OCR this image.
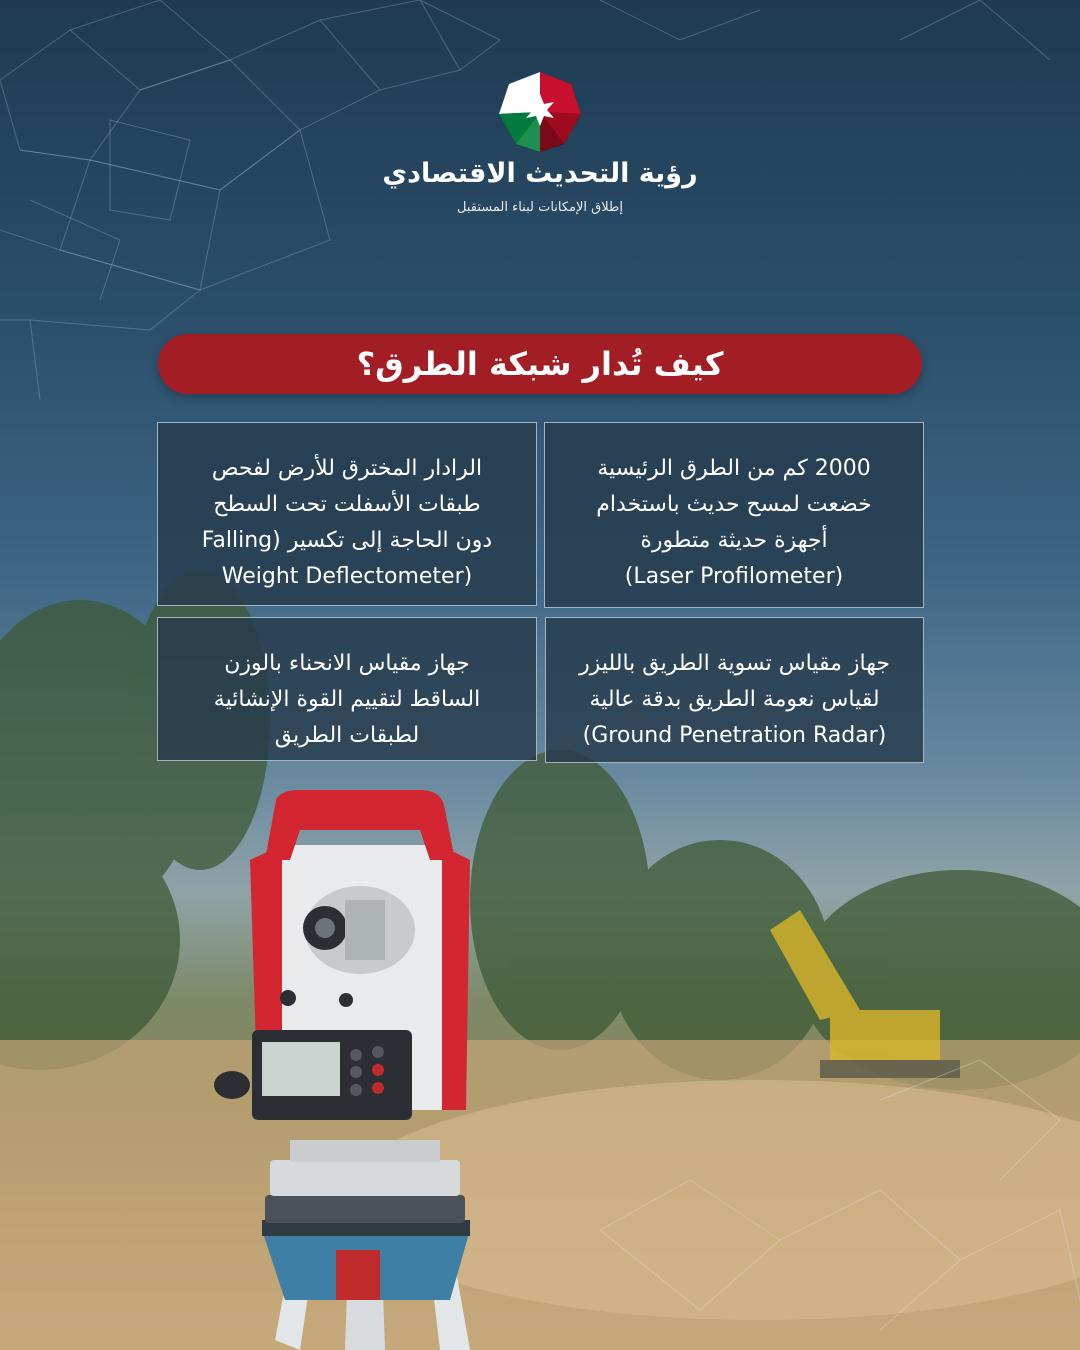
رؤية التحديث الاقتصادي
إطلاق الإمكانات لبناء المستقبل
كيف تُدار شبكة الطرق؟
2000 كم من الطرق الرئيسية
خضعت لمسح حديث باستخدام
أجهزة حديثة متطورة
(Laser Profilometer)
الرادار المخترق للأرض لفحص
طبقات الأسفلت تحت السطح
دون الحاجة إلى تكسير (Falling
(Weight Deflectometer
جهاز مقياس تسوية الطريق بالليزر
لقياس نعومة الطريق بدقة عالية
(Ground Penetration Radar)
جهاز مقياس الانحناء بالوزن
الساقط لتقييم القوة الإنشائية
لطبقات الطريق
